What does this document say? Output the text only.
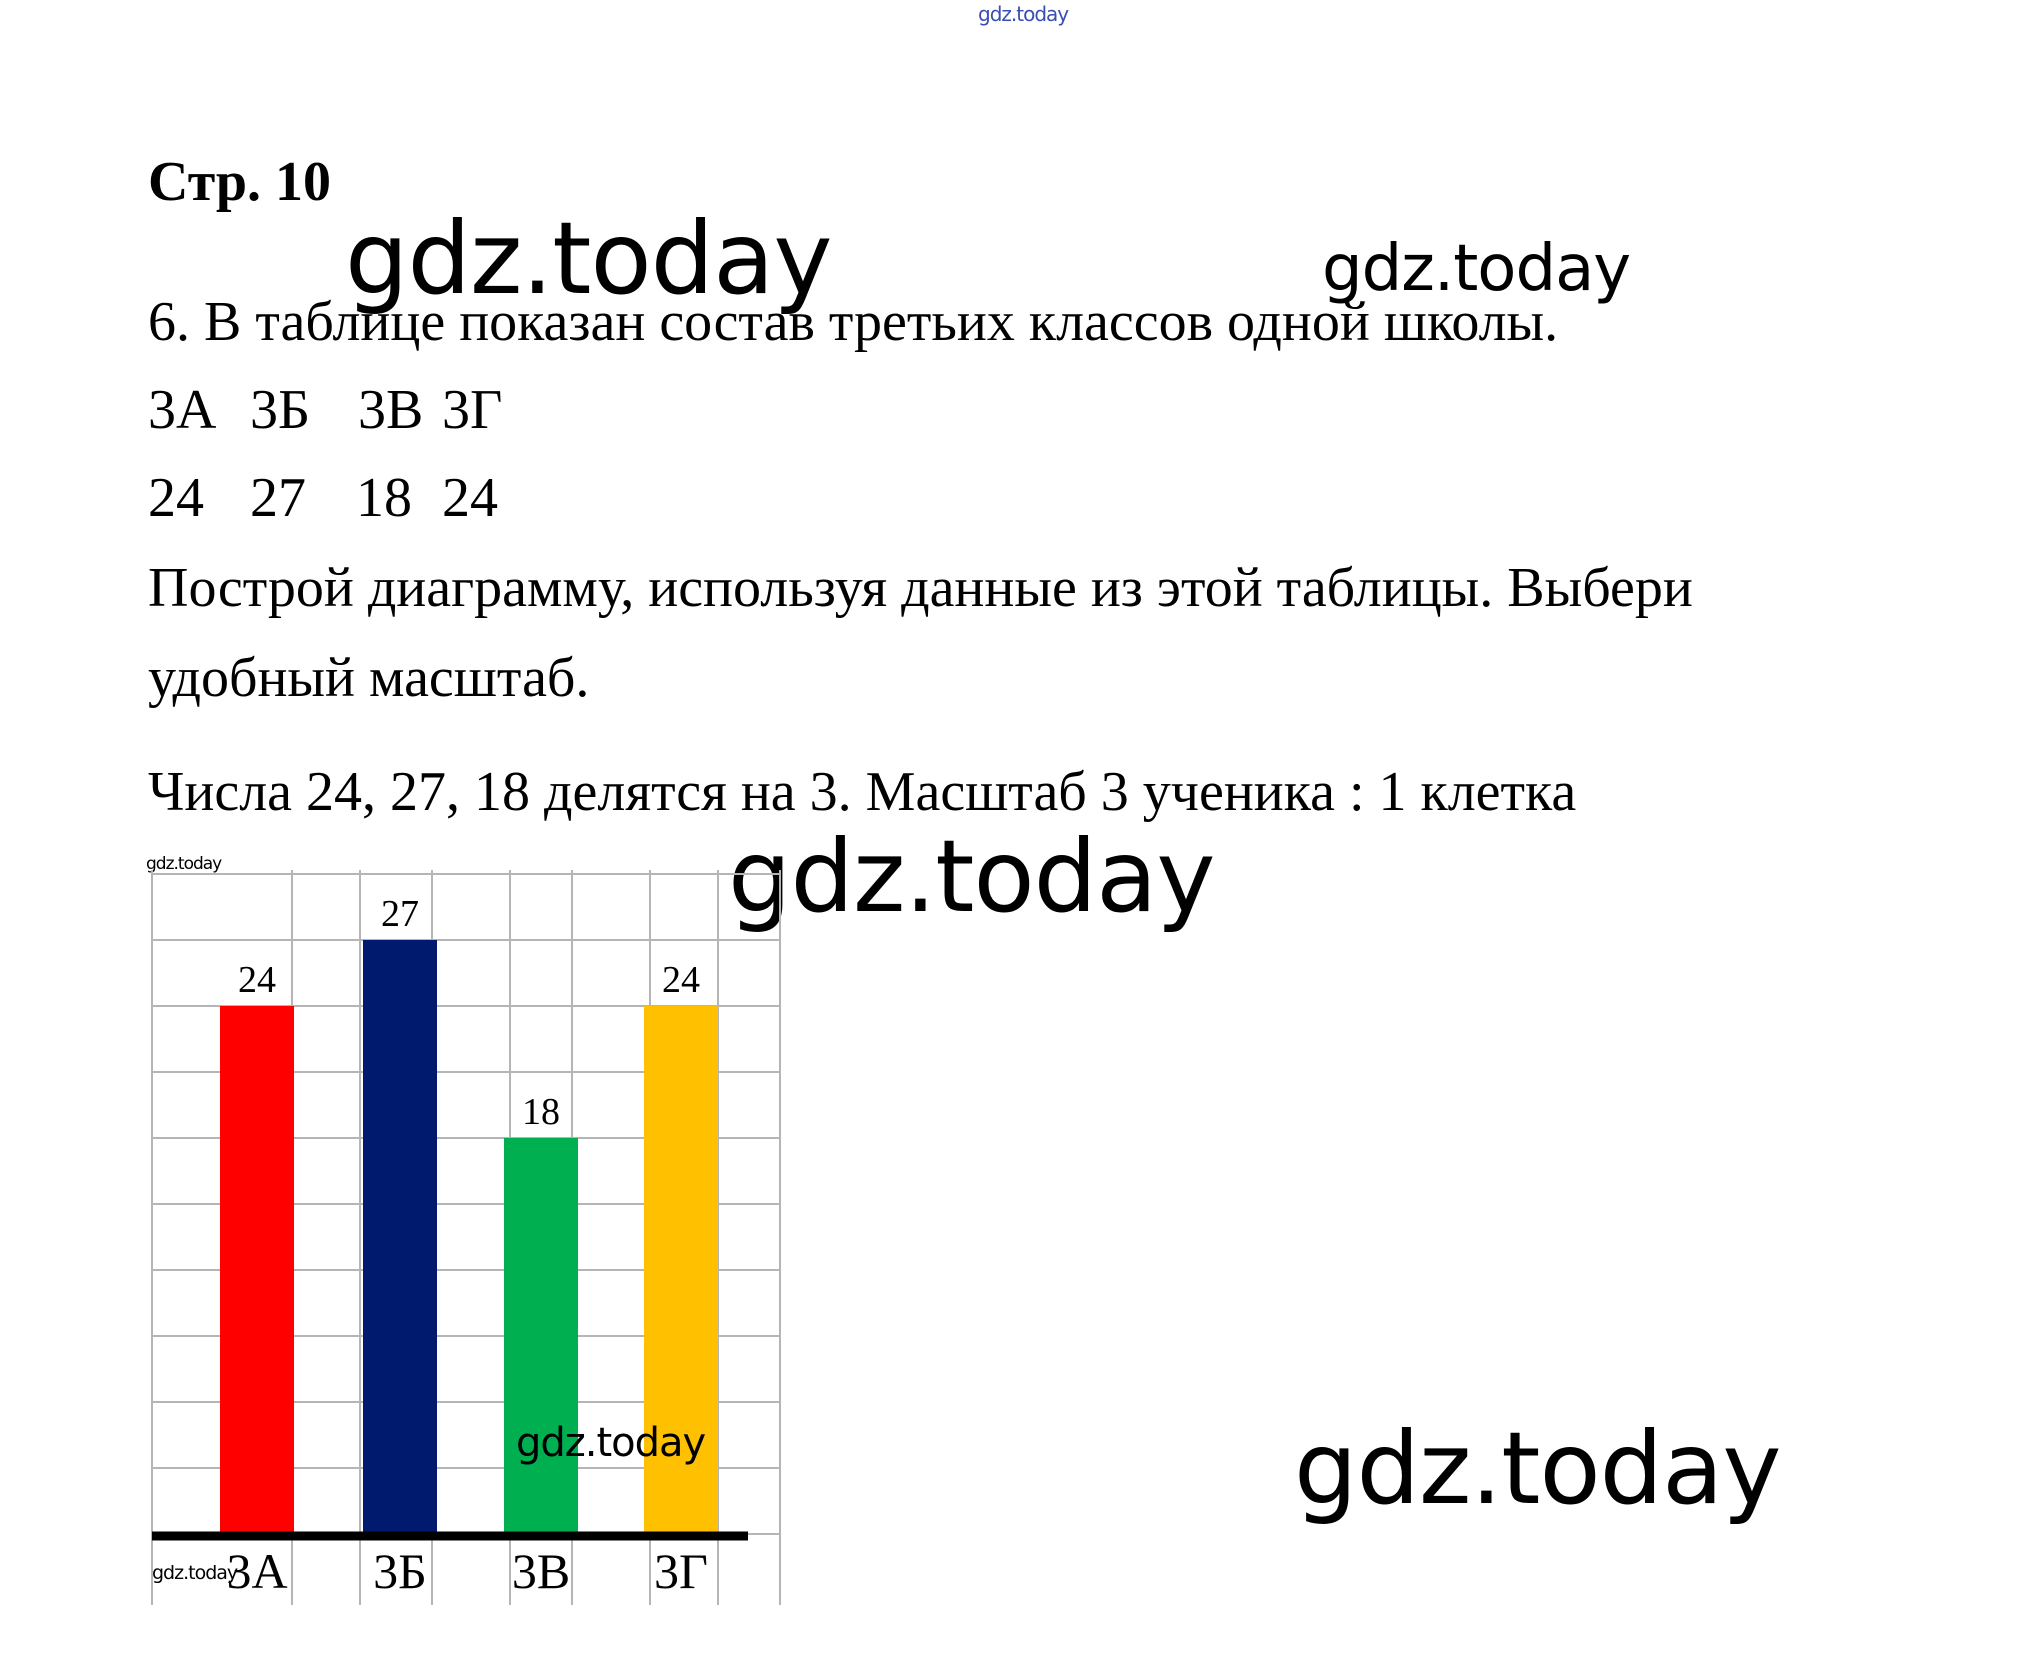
gdz.today
Стр. 10
gdz.today	gdz.today
6. В таблице показан состав третьих классов одной школы.
3А 3Б 3В 3Г
24 27 18 24
Построй диаграмму, используя данные из этой таблицы. Выбери
удобный масштаб.
Числа 24, 27, 18 делятся на 3. Масштаб 3 ученика : 1 клетка
gdz.today	gdz.today
24
3А
27
3Б
18
3В
24
3Г
gdz.today
gdz.today
gdz.today
